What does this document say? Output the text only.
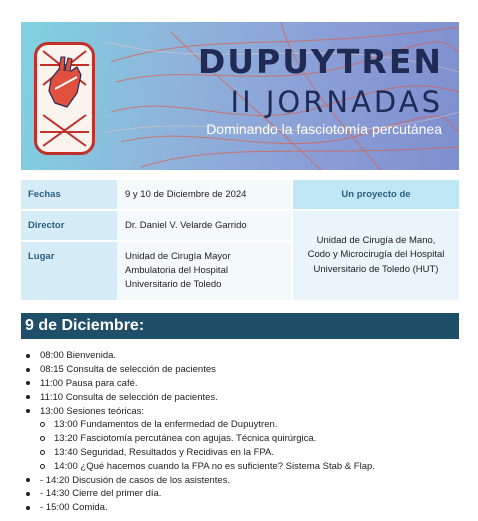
DUPUYTREN
II JORNADAS
Dominando la fasciotomía percutánea
Fechas	9 y 10 de Diciembre de 2024
Director	Dr. Daniel V. Velarde Garrido
Lugar	Unidad de Cirugía Mayor
Ambulatoria del Hospital
Universitario de Toledo
Un proyecto de
Unidad de Cirugía de Mano,
Codo y Microcirugía del Hospital
Universitario de Toledo (HUT)
9 de Diciembre:
08:00 Bienvenida.
08:15 Consulta de selección de pacientes
11:00 Pausa para café.
11:10 Consulta de selección de pacientes.
13:00 Sesiones teóricas:
13:00 Fundamentos de la enfermedad de Dupuytren.
13:20 Fasciotomía percutánea con agujas. Técnica quirúrgica.
13:40 Seguridad, Resultados y Recidivas en la FPA.
14:00 ¿Qué hacemos cuando la FPA no es suficiente? Sistema Stab & Flap.
- 14:20 Discusión de casos de los asistentes.
- 14:30 Cierre del primer día.
- 15:00 Comida.
